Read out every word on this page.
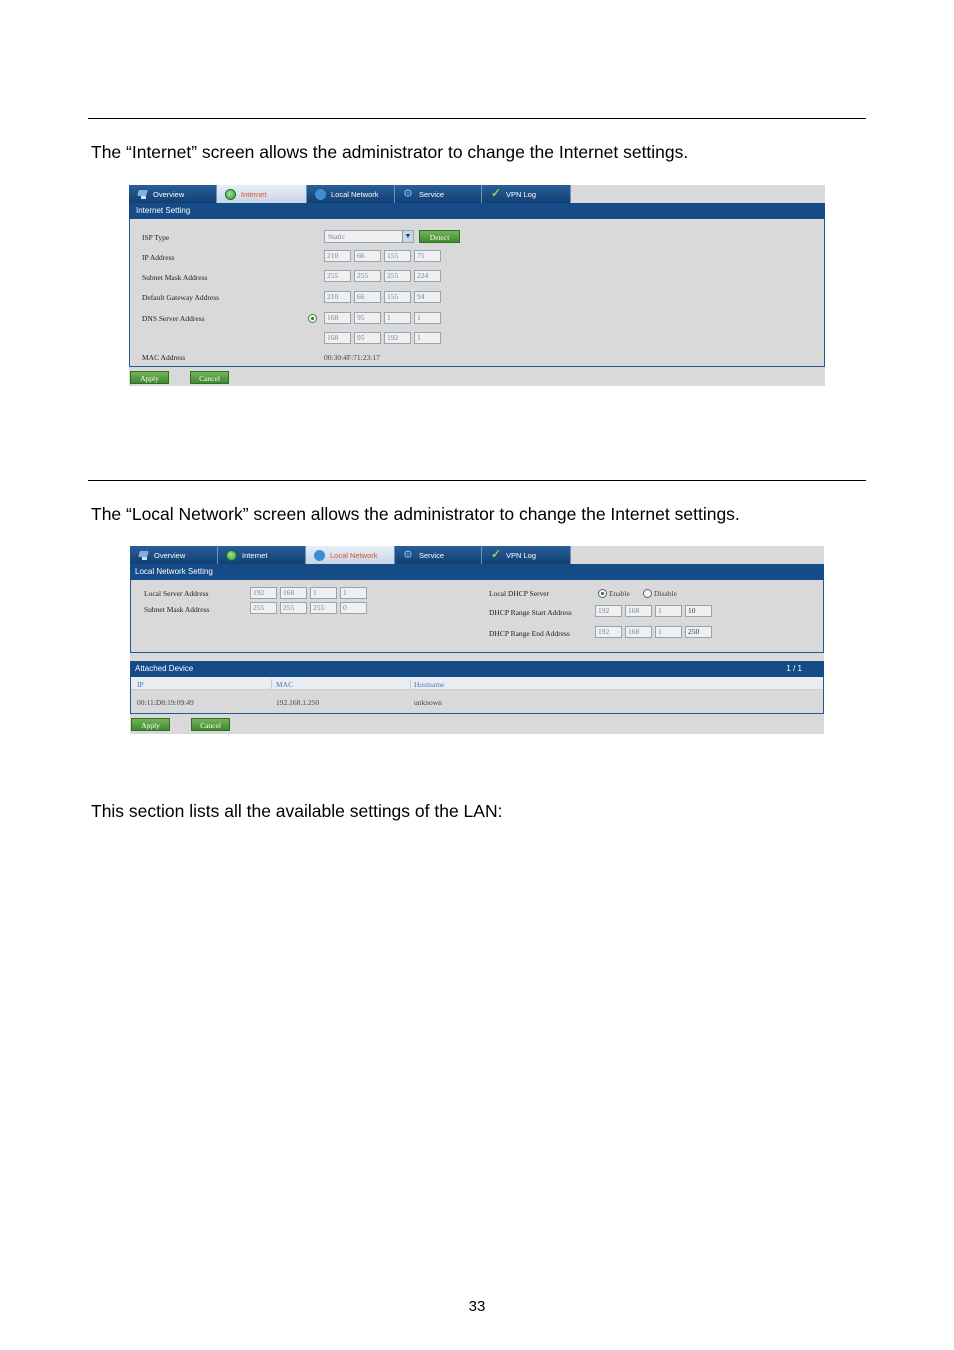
The “Internet” screen allows the administrator to change the Internet settings.
Overview	Internet	Local Network ⚙	Service ✓	VPN Log
Internet Setting
ISP Type	Static	▼	Detect
IP Address	210	66	155	75
Subnet Mask Address	255	255	255	224
Default Gateway Address	210	66	155	94
DNS Server Address	168	95	1	1
168	95	192	1
MAC Address	00:30:4F:71:23:17
Apply	Cancel
The “Local Network” screen allows the administrator to change the Internet settings.
Overview	Internet	Local Network ⚙	Service ✓	VPN Log
Local Network Setting
Local Server Address	192	168	1	1
Subnet Mask Address	255	255	255	0
Local DHCP Server	Enable	Disable
DHCP Range Start Address	192	168	1	10
DHCP Range End Address	192	168	1	250
Attached Device	1 / 1
IP	MAC	Hostname
00:11:D8:19:09:49	192.168.1.250	unknown
Apply	Cancel
This section lists all the available settings of the LAN:
33
